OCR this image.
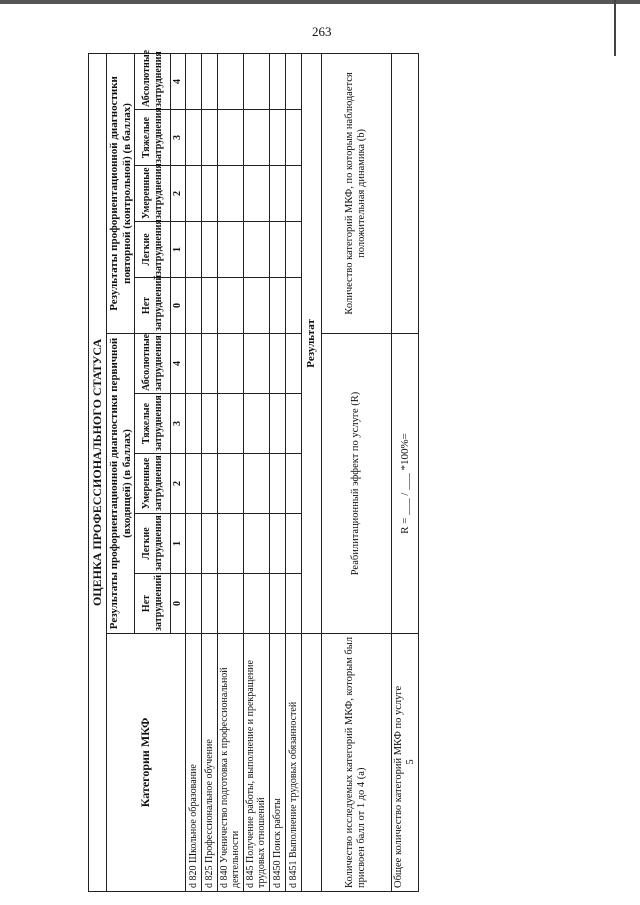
263
ОЦЕНКА ПРОФЕССИОНАЛЬНОГО СТАТУСА										
Категории МКФ	Результаты профориентационной диагностики первичной (входящей) (в баллах)					Результаты профориентационной диагностики повторной (контрольной) (в баллах)				
	Нет затруднений	Легкие затруднения	Умеренные затруднения	Тяжелые затруднения	Абсолютные затруднения	Нет затруднений	Легкие затруднения	Умеренные затруднения	Тяжелые затруднения	Абсолютные затруднения
	0	1	2	3	4	0	1	2	3	4
d 820 Школьное образование										
d 825 Профессиональное обучение										
d 840 Ученичество подготовка к профессиональной деятельности										
d 845 Получение работы, выполнение и прекращение трудовых отношений										
d 8450 Поиск работы										
d 8451 Выполнение трудовых обязанностей										
	Результат									
Количество исследуемых категорий МКФ, которым был присвоен балл от 1 до 4 (a)	Реабилитационный эффект по услуге (R)					Количество категорий МКФ, по которым наблюдается положительная динамика (b)				

Общее количество категорий МКФ по услуге 5	R = ___ / ___ *100%=									
